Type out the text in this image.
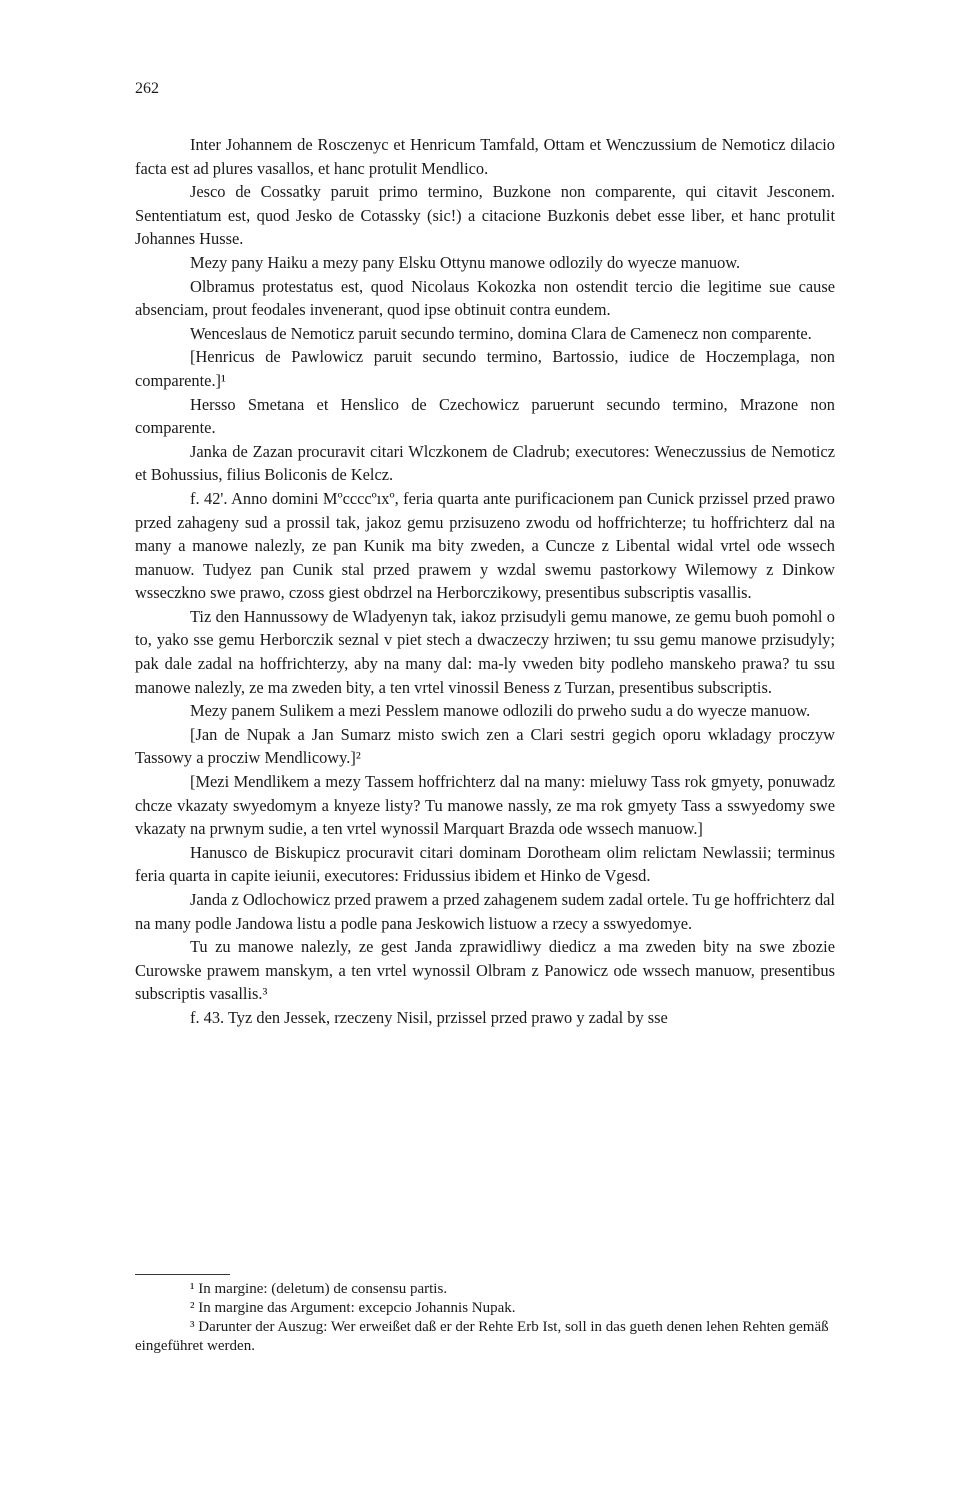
262

Inter Johannem de Rosczenyc et Henricum Tamfald, Ottam et Wenczussium de Nemoticz dilacio facta est ad plures vasallos, et hanc protulit Mendlico.

Jesco de Cossatky paruit primo termino, Buzkone non comparente, qui citavit Jesconem. Sententiatum est, quod Jesko de Cotassky (sic!) a citacione Buzkonis debet esse liber, et hanc protulit Johannes Husse.

Mezy pany Haiku a mezy pany Elsku Ottynu manowe odlozily do wyecze manuow.

Olbramus protestatus est, quod Nicolaus Kokozka non ostendit tercio die legitime sue cause absenciam, prout feodales invenerant, quod ipse obtinuit contra eundem.

Wenceslaus de Nemoticz paruit secundo termino, domina Clara de Camenecz non comparente.

[Henricus de Pawlowicz paruit secundo termino, Bartossio, iudice de Hoczemplaga, non comparente.]¹

Hersso Smetana et Henslico de Czechowicz paruerunt secundo termino, Mrazone non comparente.

Janka de Zazan procuravit citari Wlczkonem de Cladrub; executores: Weneczussius de Nemoticz et Bohussius, filius Boliconis de Kelcz.

f. 42'. Anno domini Mºccccºıxº, feria quarta ante purificacionem pan Cunick przissel przed prawo przed zahageny sud a prossil tak, jakoz gemu przisuzeno zwodu od hoffrichterze; tu hoffrichterz dal na many a manowe nalezly, ze pan Kunik ma bity zweden, a Cuncze z Libental widal vrtel ode wssech manuow. Tudyez pan Cunik stal przed prawem y wzdal swemu pastorkowy Wilemowy z Dinkow wsseczkno swe prawo, czoss giest obdrzel na Herborczikowy, presentibus subscriptis vasallis.

Tiz den Hannussowy de Wladyenyn tak, iakoz przisudyli gemu manowe, ze gemu buoh pomohl o to, yako sse gemu Herborczik seznal v piet stech a dwaczeczy hrziwen; tu ssu gemu manowe przisudyly; pak dale zadal na hoffrichterzy, aby na many dal: ma-ly vweden bity podleho manskeho prawa? tu ssu manowe nalezly, ze ma zweden bity, a ten vrtel vinossil Beness z Turzan, presentibus subscriptis.

Mezy panem Sulikem a mezi Pesslem manowe odlozili do prweho sudu a do wyecze manuow.

[Jan de Nupak a Jan Sumarz misto swich zen a Clari sestri gegich oporu wkladagy proczyw Tassowy a procziw Mendlicowy.]²

[Mezi Mendlikem a mezy Tassem hoffrichterz dal na many: mieluwy Tass rok gmyety, ponuwadz chcze vkazaty swyedomym a knyeze listy? Tu manowe nassly, ze ma rok gmyety Tass a sswyedomy swe vkazaty na prwnym sudie, a ten vrtel wynossil Marquart Brazda ode wssech manuow.]

Hanusco de Biskupicz procuravit citari dominam Dorotheam olim relictam Newlassii; terminus feria quarta in capite ieiunii, executores: Fridussius ibidem et Hinko de Vgesd.

Janda z Odlochowicz przed prawem a przed zahagenem sudem zadal ortele. Tu ge hoffrichterz dal na many podle Jandowa listu a podle pana Jeskowich listuow a rzecy a sswyedomye.

Tu zu manowe nalezly, ze gest Janda zprawidliwy diedicz a ma zweden bity na swe zbozie Curowske prawem manskym, a ten vrtel wynossil Olbram z Panowicz ode wssech manuow, presentibus subscriptis vasallis.³

f. 43. Tyz den Jessek, rzeczeny Nisil, przissel przed prawo y zadal by sse

¹ In margine: (deletum) de consensu partis.

² In margine das Argument: excepcio Johannis Nupak.

³ Darunter der Auszug: Wer erweißet daß er der Rehte Erb Ist, soll in das gueth denen lehen Rehten gemäß eingeführet werden.
